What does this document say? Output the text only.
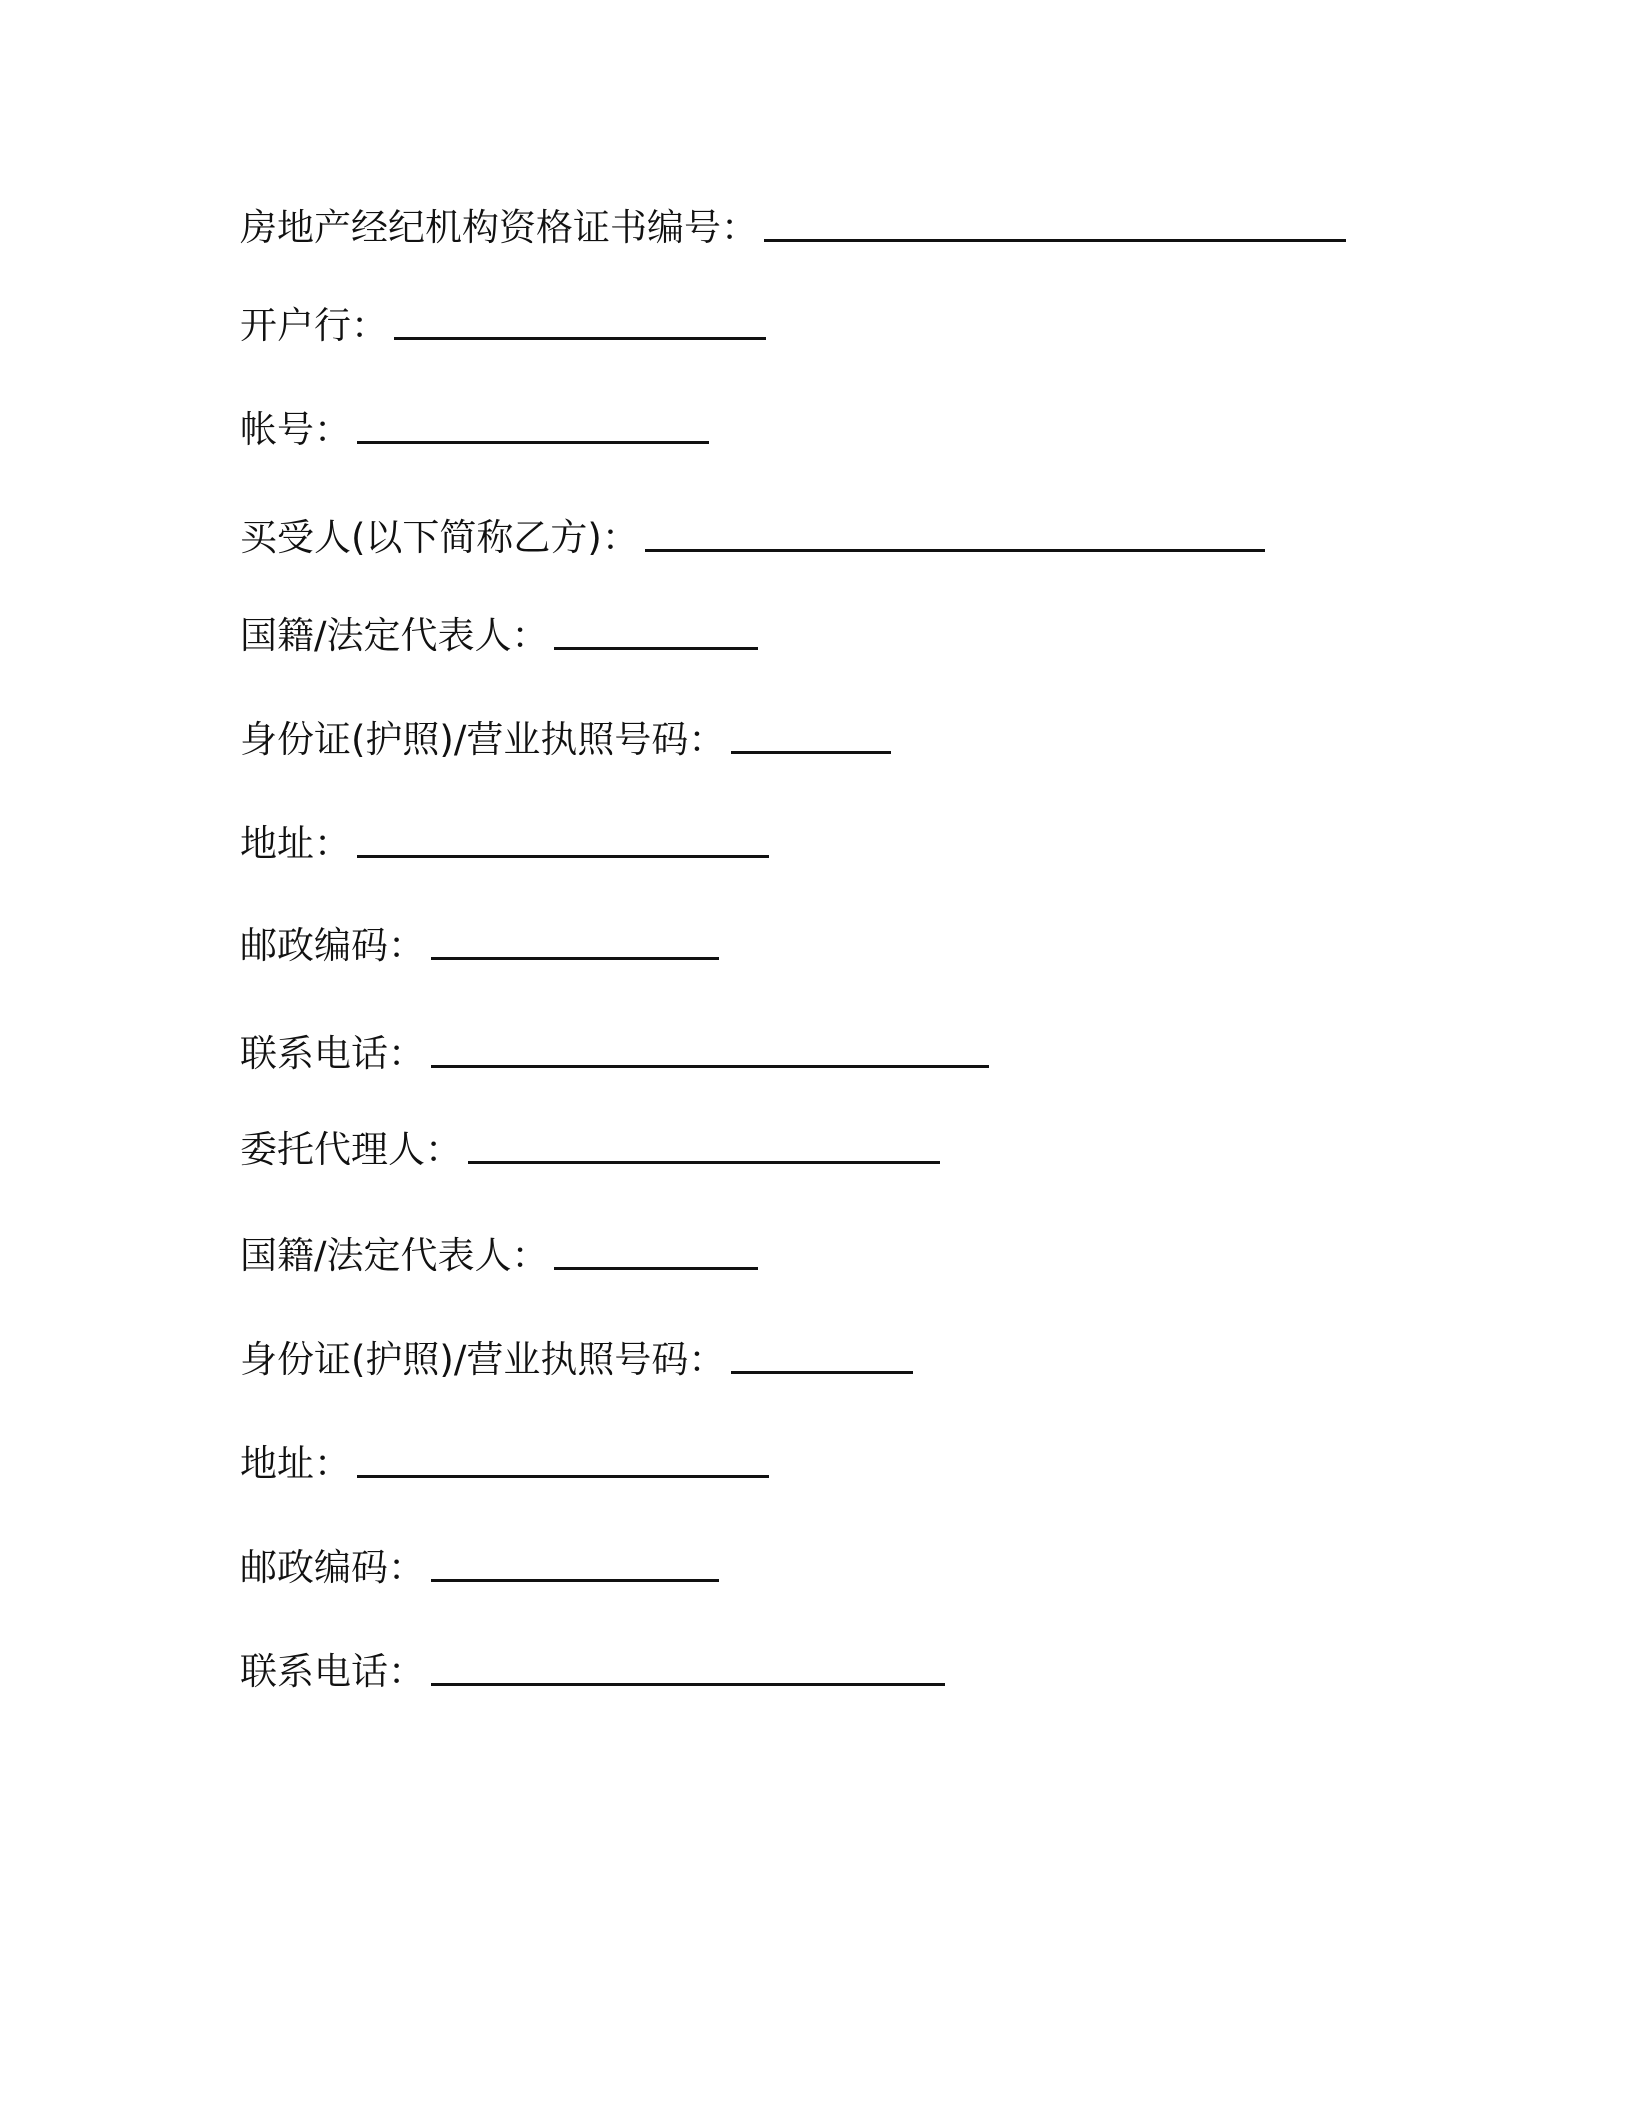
房地产经纪机构资格证书编号：
开户行：
帐号：
买受人(以下简称乙方)：
国籍/法定代表人：
身份证(护照)/营业执照号码：
地址：
邮政编码：
联系电话：
委托代理人：
国籍/法定代表人：
身份证(护照)/营业执照号码：
地址：
邮政编码：
联系电话：
